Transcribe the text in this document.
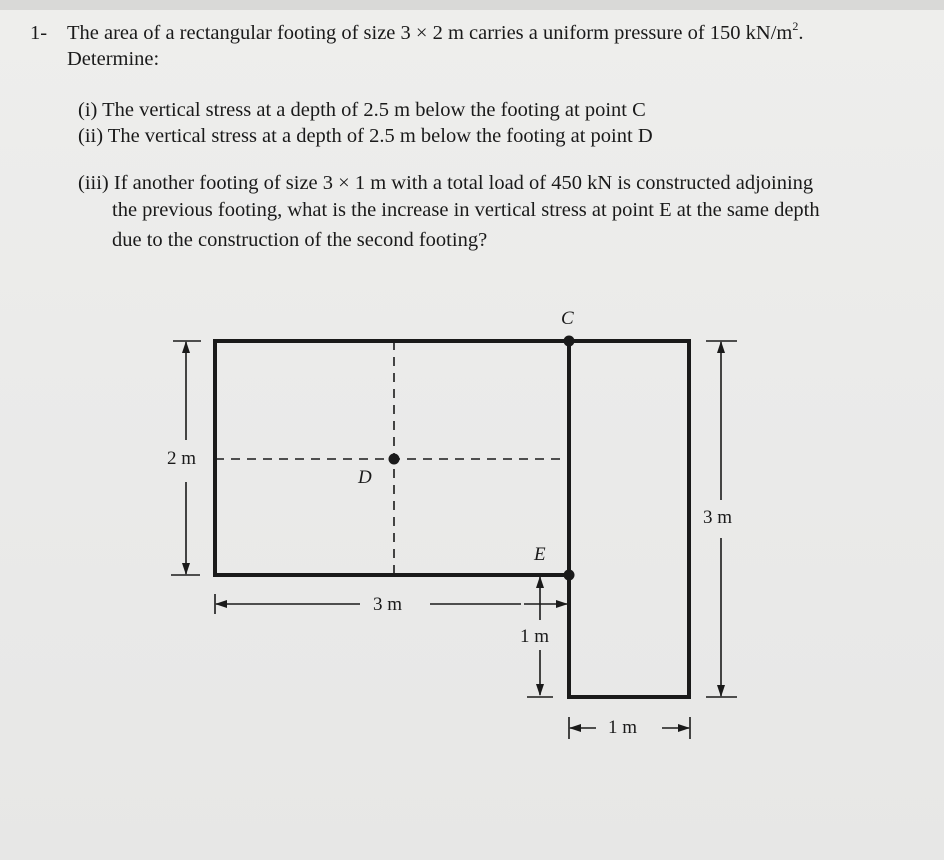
1- The area of a rectangular footing of size 3 × 2 m carries a uniform pressure of 150 $kN/m^2$.
Determine:
(i) The vertical stress at a depth of 2.5 m below the footing at point C
(ii) The vertical stress at a depth of 2.5 m below the footing at point D
(iii) If another footing of size 3 × 1 m with a total load of 450 kN is constructed adjoining
the previous footing, what is the increase in vertical stress at point E at the same depth
due to the construction of the second footing?
C
D
E
2 m
3 m
1 m
3 m
1 m
